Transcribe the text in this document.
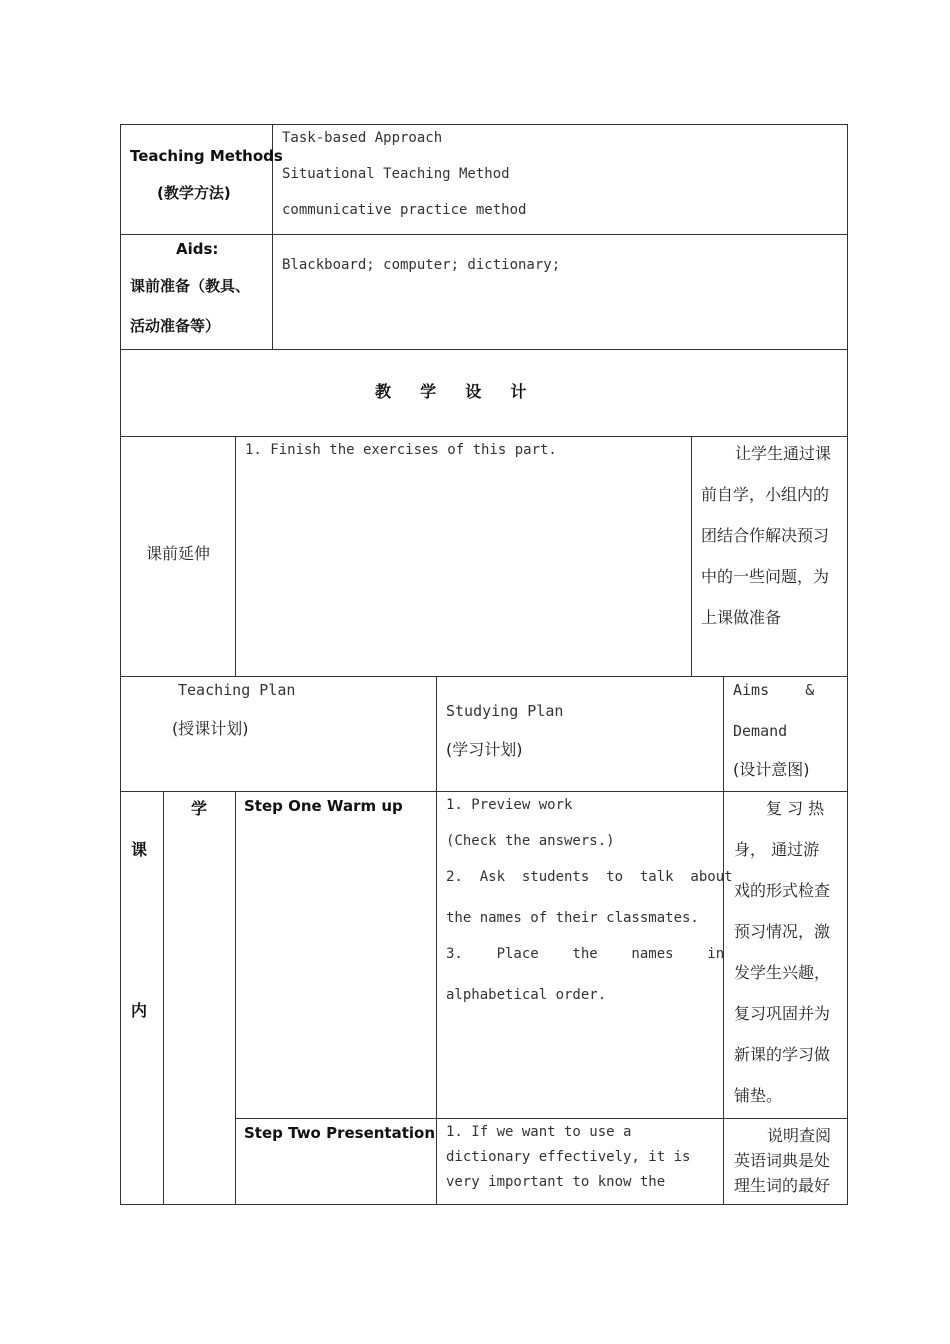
Teaching Methods
(教学方法)
Task-based Approach
Situational Teaching Method
communicative practice method
Aids:
课前准备（教具、
活动准备等）
Blackboard; computer; dictionary;
教  学  设  计
课前延伸
1. Finish the exercises of this part.	让学生通过课
前自学，小组内的
团结合作解决预习
中的一些问题，为
上课做准备
Teaching Plan
(授课计划)
Studying Plan
(学习计划)
Aims    &
Demand
(设计意图)
课
内
学 Step One Warm up	1. Preview work
(Check the answers.)
2.  Ask  students  to  talk  about
the names of their classmates.
3.    Place    the    names    in
alphabetical order.
复 习 热
身， 通过游
戏的形式检查
预习情况，激
发学生兴趣，
复习巩固并为
新课的学习做
铺垫。
Step Two Presentation 1. If we want to use a
dictionary effectively, it is
very important to know the
说明查阅
英语词典是处
理生词的最好
